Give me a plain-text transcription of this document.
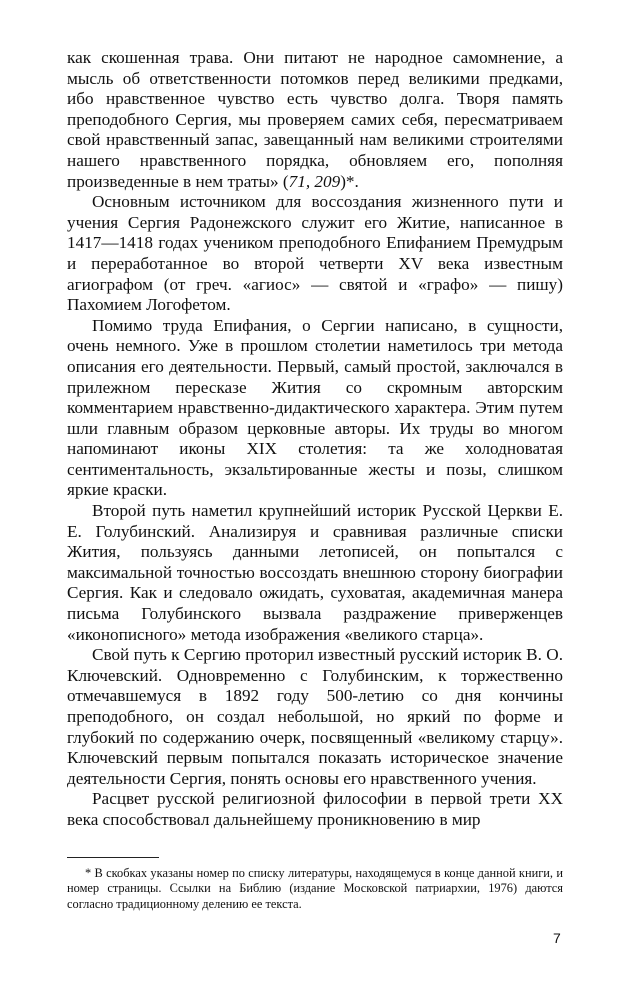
как скошенная трава. Они питают не народное самомнение, а мысль об ответственности потомков перед великими предками, ибо нравственное чувство есть чувство долга. Творя память преподобного Сергия, мы проверяем самих себя, пересматриваем свой нравственный запас, завещанный нам великими строителями нашего нравственного порядка, обновляем его, пополняя произведенные в нем траты» (71, 209)*.

Основным источником для воссоздания жизненного пути и учения Сергия Радонежского служит его Житие, написанное в 1417—1418 годах учеником преподобного Епифанием Премудрым и переработанное во второй четверти XV века известным агиографом (от греч. «агиос» — святой и «графо» — пишу) Пахомием Логофетом.

Помимо труда Епифания, о Сергии написано, в сущности, очень немного. Уже в прошлом столетии наметилось три метода описания его деятельности. Первый, самый простой, заключался в прилежном пересказе Жития со скромным авторским комментарием нравственно-дидактического характера. Этим путем шли главным образом церковные авторы. Их труды во многом напоминают иконы XIX столетия: та же холодноватая сентиментальность, экзальтированные жесты и позы, слишком яркие краски.

Второй путь наметил крупнейший историк Русской Церкви Е. Е. Голубинский. Анализируя и сравнивая различные списки Жития, пользуясь данными летописей, он попытался с максимальной точностью воссоздать внешнюю сторону биографии Сергия. Как и следовало ожидать, суховатая, академичная манера письма Голубинского вызвала раздражение приверженцев «иконописного» метода изображения «великого старца».

Свой путь к Сергию проторил известный русский историк В. О. Ключевский. Одновременно с Голубинским, к торжественно отмечавшемуся в 1892 году 500-летию со дня кончины преподобного, он создал небольшой, но яркий по форме и глубокий по содержанию очерк, посвященный «великому старцу». Ключевский первым попытался показать историческое значение деятельности Сергия, понять основы его нравственного учения.

Расцвет русской религиозной философии в первой трети XX века способствовал дальнейшему проникновению в мир

* В скобках указаны номер по списку литературы, находящемуся в конце данной книги, и номер страницы. Ссылки на Библию (издание Московской патриархии, 1976) даются согласно традиционному делению ее текста.
7
